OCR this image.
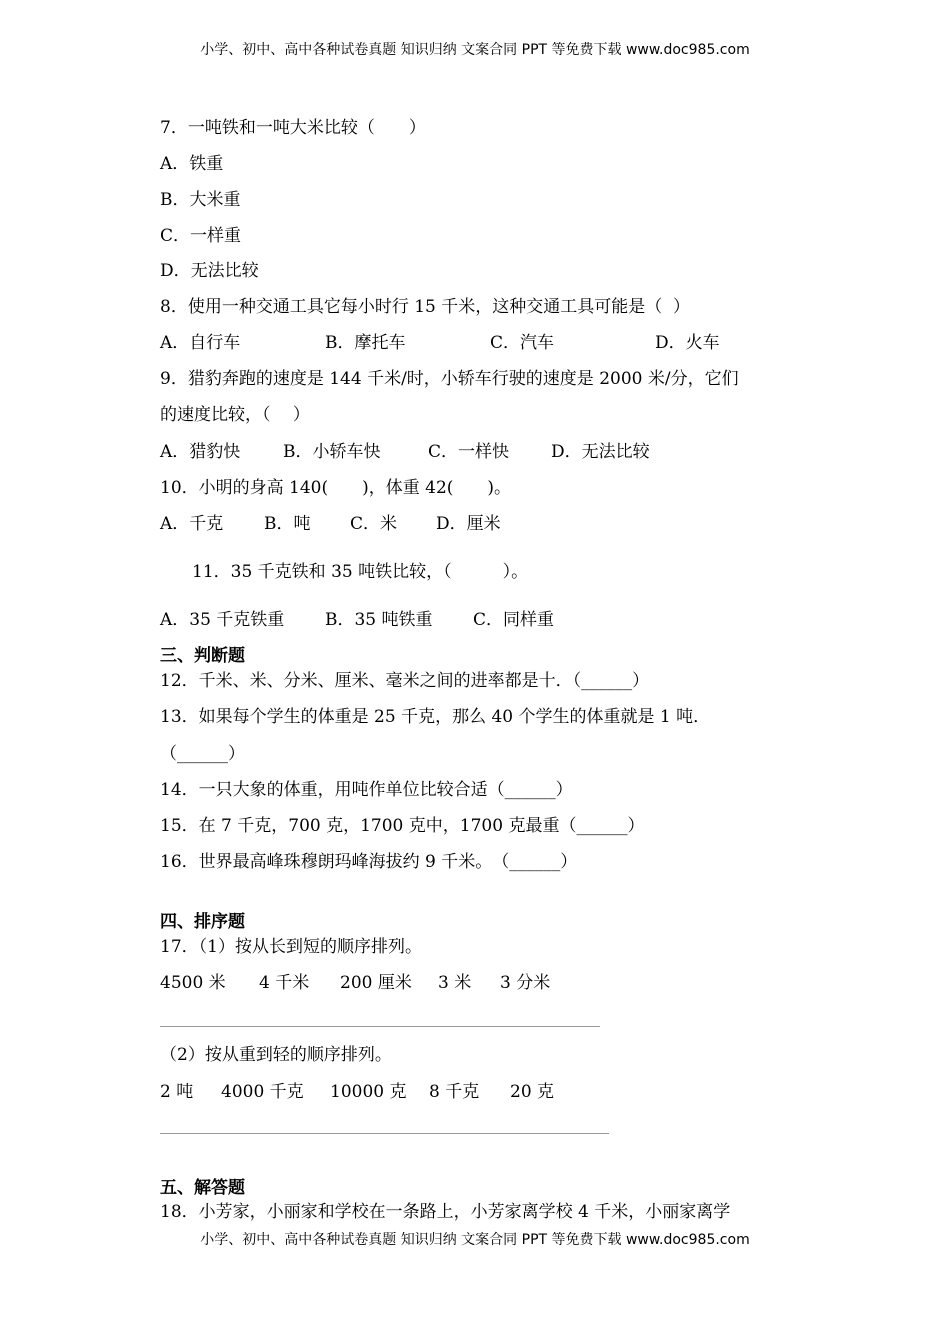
小学、初中、高中各种试卷真题 知识归纳 文案合同 PPT 等免费下载 www.doc985.com
7．一吨铁和一吨大米比较（　　）
A．铁重
B．大米重
C．一样重
D．无法比较
8．使用一种交通工具它每小时行 15 千米，这种交通工具可能是（  ）
A．自行车	B．摩托车	C．汽车	D．火车
9．猎豹奔跑的速度是 144 千米/时，小轿车行驶的速度是 2000 米/分，它们
的速度比较，（　 ）
A．猎豹快	B．小轿车快	C．一样快 D．无法比较
10．小明的身高 140(　　)，体重 42(　　)。
A．千克 B．吨 C．米 D．厘米
11．35 千克铁和 35 吨铁比较，（　　　）。
A．35 千克铁重 B．35 吨铁重 C．同样重
三、判断题
12．千米、米、分米、厘米、毫米之间的进率都是十．（______）
13．如果每个学生的体重是 25 千克，那么 40 个学生的体重就是 1 吨．
（______）
14．一只大象的体重，用吨作单位比较合适（______）
15．在 7 千克，700 克，1700 克中，1700 克最重（______）
16．世界最高峰珠穆朗玛峰海拔约 9 千米。　（______）
四、排序题
17．（1）按从长到短的顺序排列。
4500 米 4 千米 200 厘米 3 米 3 分米
（2）按从重到轻的顺序排列。
2 吨 4000 千克 10000 克 8 千克 20 克
五、解答题
18．小芳家，小丽家和学校在一条路上，小芳家离学校 4 千米，小丽家离学
小学、初中、高中各种试卷真题 知识归纳 文案合同 PPT 等免费下载 www.doc985.com
